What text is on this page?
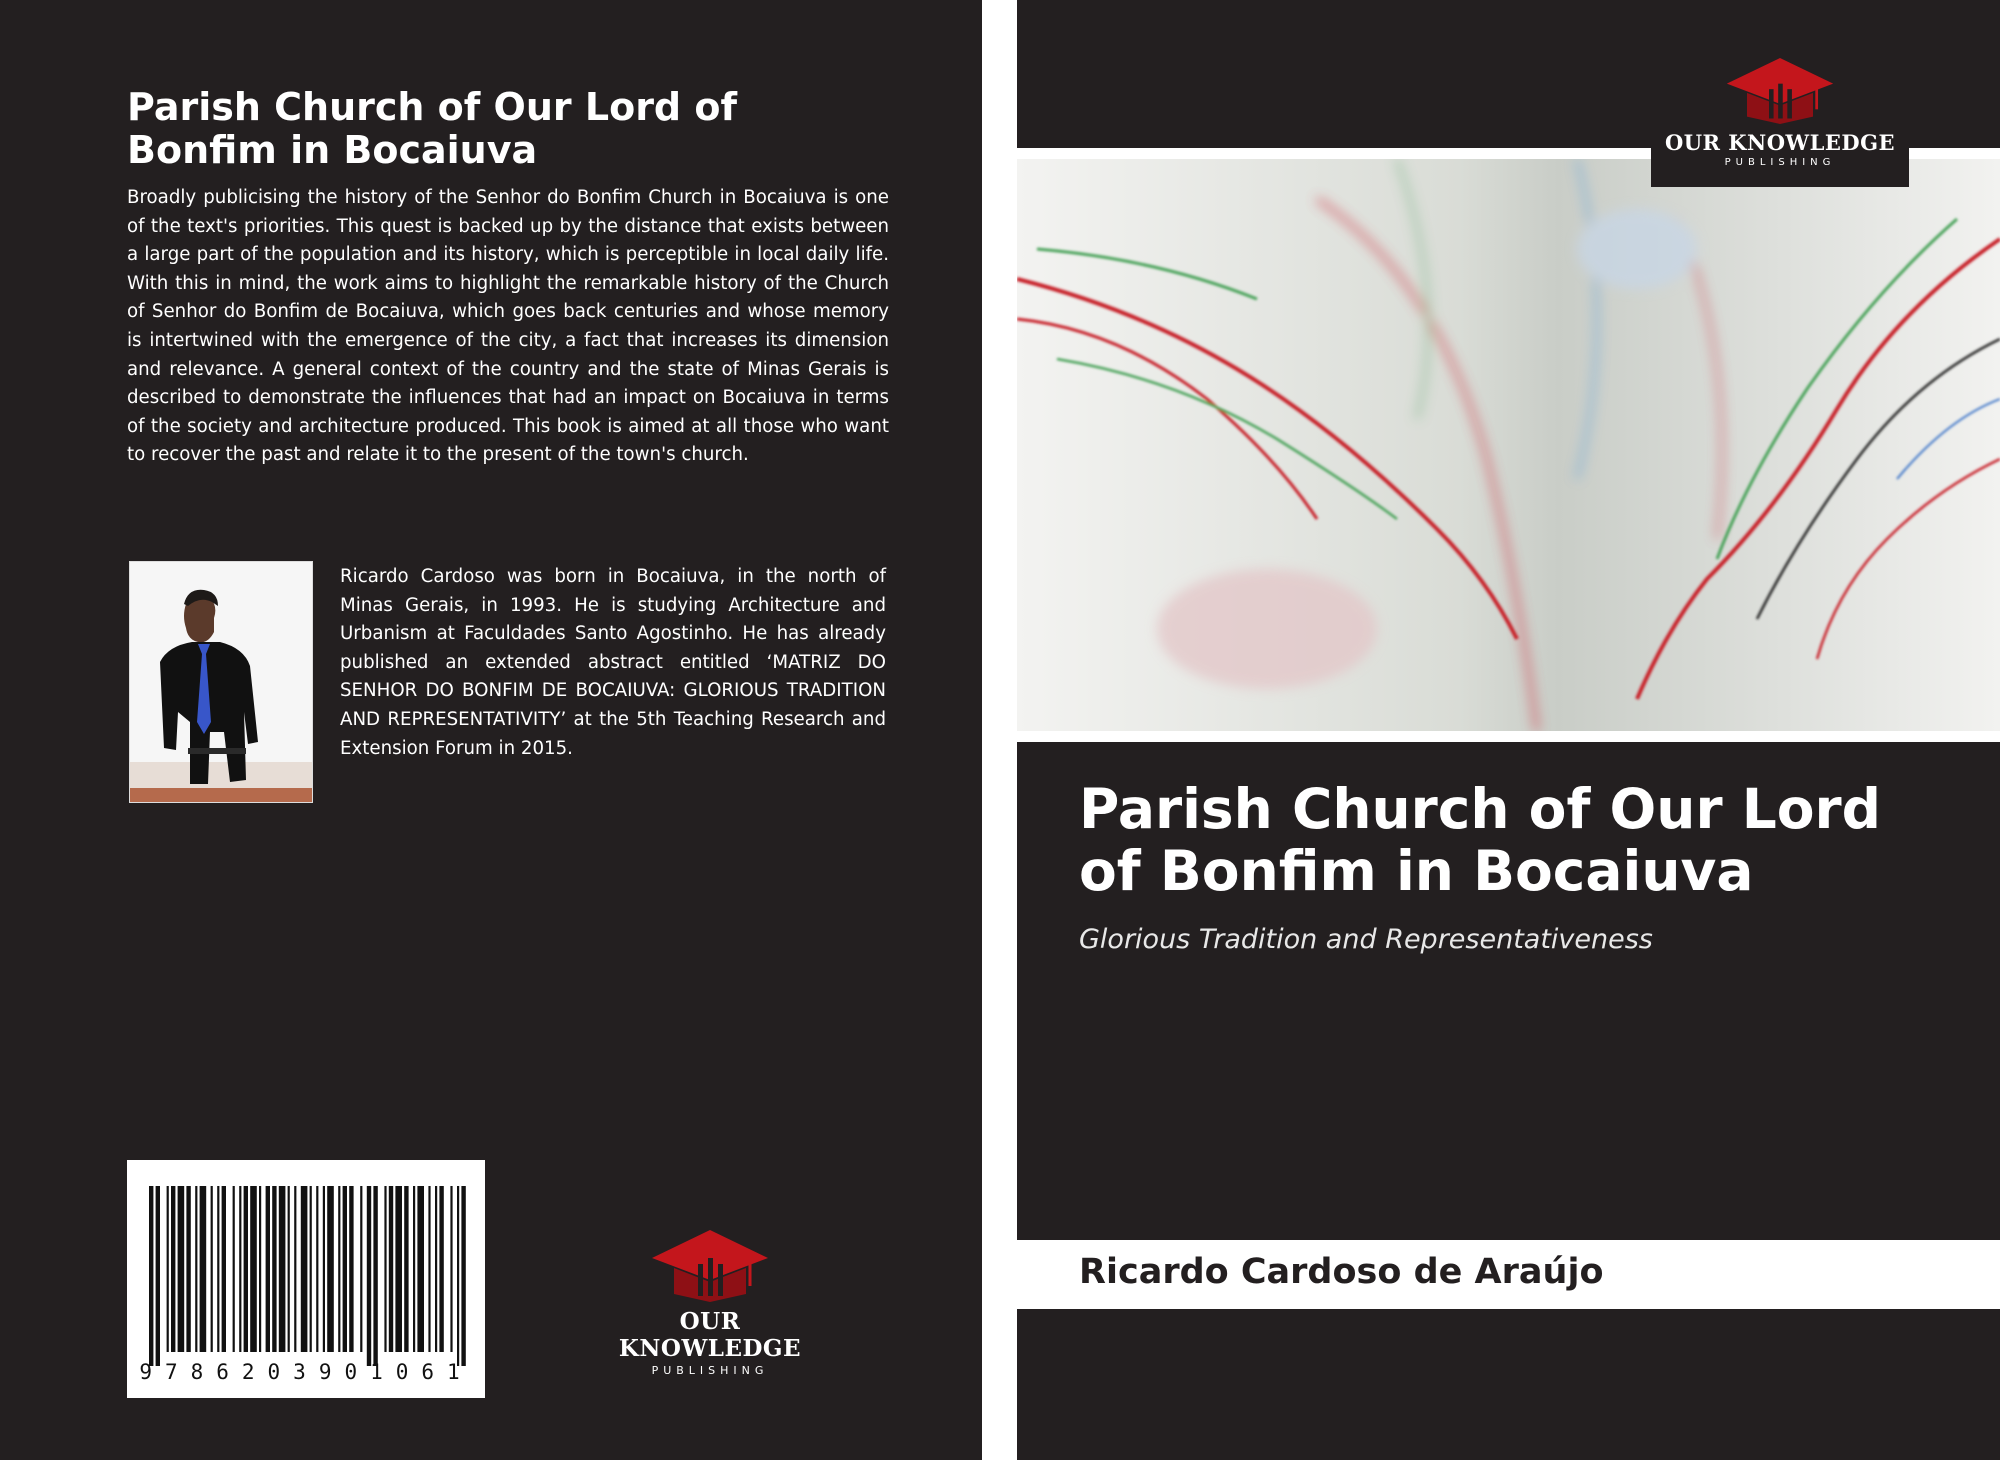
Parish Church of Our Lord of Bonfim in Bocaiuva

Broadly publicising the history of the Senhor do Bonfim Church in Bocaiuva is one of the text's priorities. This quest is backed up by the distance that exists between a large part of the population and its history, which is perceptible in local daily life. With this in mind, the work aims to highlight the remarkable history of the Church of Senhor do Bonfim de Bocaiuva, which goes back centuries and whose memory is intertwined with the emergence of the city, a fact that increases its dimension and relevance. A general context of the country and the state of Minas Gerais is described to demonstrate the influences that had an impact on Bocaiuva in terms of the society and architecture produced. This book is aimed at all those who want to recover the past and relate it to the present of the town's church.

Ricardo Cardoso was born in Bocaiuva, in the north of Minas Gerais, in 1993. He is studying Architecture and Urbanism at Faculdades Santo Agostinho. He has already published an extended abstract entitled ‘MATRIZ DO SENHOR DO BONFIM DE BOCAIUVA: GLORIOUS TRADITION AND REPRESENTATIVITY’ at the 5th Teaching Research and Extension Forum in 2015.

9786203901061
OUR KNOWLEDGE
PUBLISHING
OUR KNOWLEDGE
PUBLISHING
Parish Church of Our Lord of Bonfim in Bocaiuva
Glorious Tradition and Representativeness
Ricardo Cardoso de Araújo
